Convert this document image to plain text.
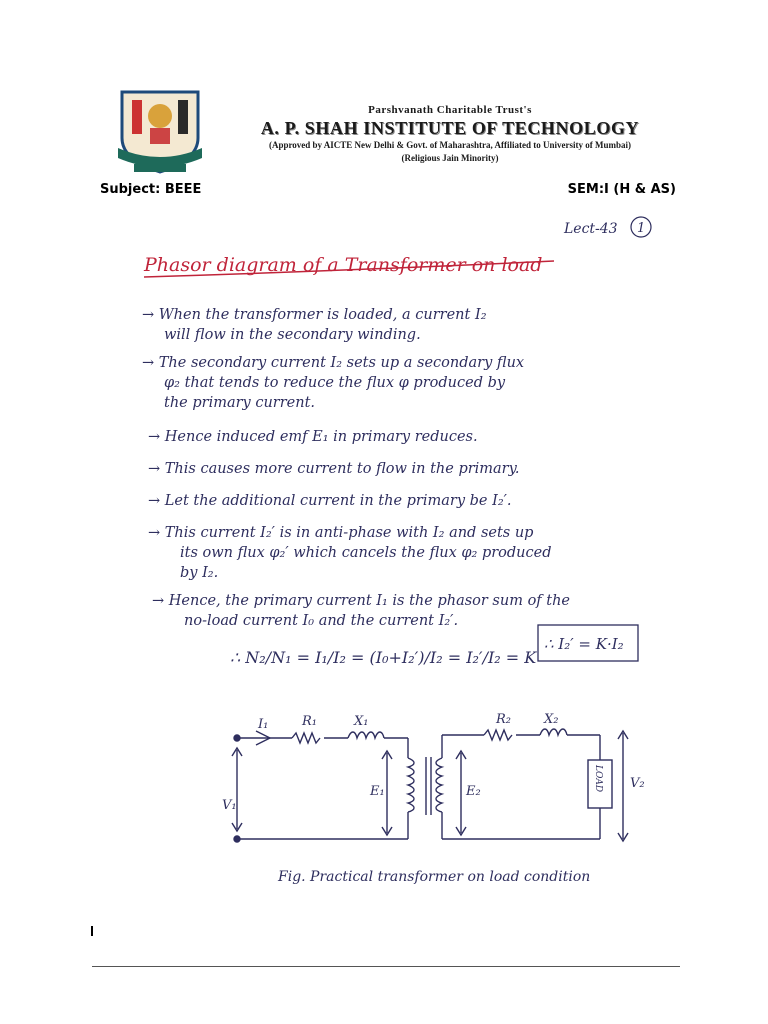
Parshvanath Charitable Trust's
A. P. SHAH INSTITUTE OF TECHNOLOGY
(Approved by AICTE New Delhi & Govt. of Maharashtra, Affiliated to University of Mumbai)
(Religious Jain Minority)
Subject: BEEE	SEM:I (H & AS)
Lect-43 1
Phasor diagram of a Transformer on load
→ When the transformer is loaded, a current I₂
will flow in the secondary winding.
→ The secondary current I₂ sets up a secondary flux
φ₂ that tends to reduce the flux φ produced by
the primary current.
→ Hence induced emf E₁ in primary reduces.
→ This causes more current to flow in the primary.
→ Let the additional current in the primary be I₂′.
→ This current I₂′ is in anti-phase with I₂ and sets up
its own flux φ₂′ which cancels the flux φ₂ produced
by I₂.
→ Hence, the primary current I₁ is the phasor sum of the
no-load current I₀ and the current I₂′.
∴ N₂/N₁ = I₁/I₂ = (I₀+I₂′)/I₂ = I₂′/I₂ = K
∴ I₂′ = K·I₂
I₁	R₁	X₁
V₁
E₁
R₂	X₂
E₂
V₂
LOAD
Fig. Practical transformer on load condition
